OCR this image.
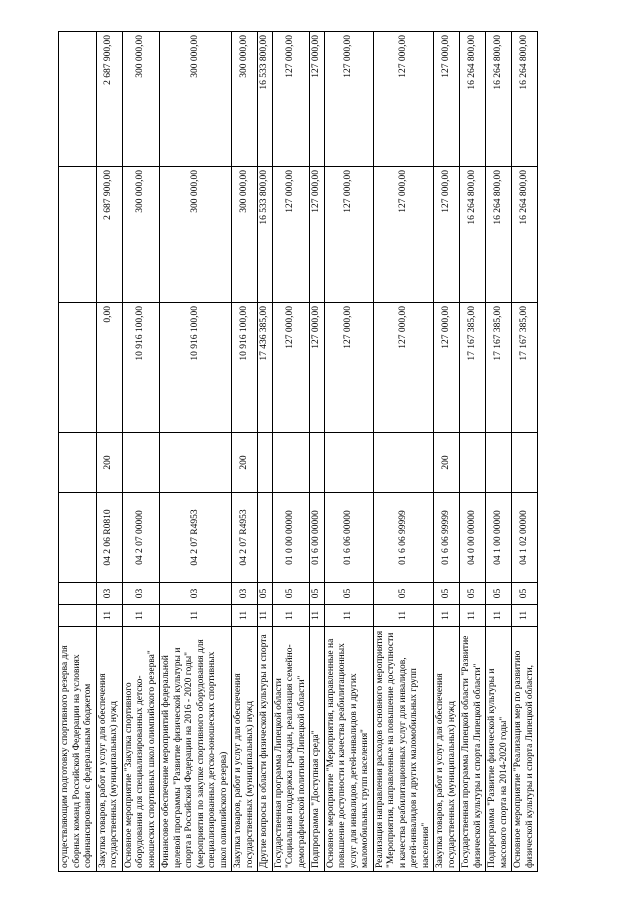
осуществляющим подготовку спортивного резерва для сборных команд Российской Федерации на условиях софинансирования с федеральным бюджетом							
Закупка товаров, работ и услуг для обеспечения государственных (муниципальных) нужд	11	03	04 2 06 R0810	200	0,00	2 687 900,00	2 687 900,00
Основное мероприятие "Закупка спортивного оборудования для специализированных детско-юношеских спортивных школ олимпийского резерва"	11	03	04 2 07 00000		10 916 100,00	300 000,00	300 000,00
Финансовое обеспечение мероприятий федеральной целевой программы "Развитие физической культуры и спорта в Российской Федерации на 2016 - 2020 годы" (мероприятия по закупке спортивного оборудования для специализированных детско-юношеских спортивных школ олимпийского резерва)	11	03	04 2 07 R4953		10 916 100,00	300 000,00	300 000,00
Закупка товаров, работ и услуг для обеспечения государственных (муниципальных) нужд	11	03	04 2 07 R4953	200	10 916 100,00	300 000,00	300 000,00
Другие вопросы в области физической культуры и спорта	11	05			17 436 385,00	16 533 800,00	16 533 800,00
Государственная программа Липецкой области "Социальная поддержка граждан, реализация семейно-демографической политики Липецкой области"	11	05	01 0 00 00000		127 000,00	127 000,00	127 000,00
Подпрограмма "Доступная среда"	11	05	01 6 00 00000		127 000,00	127 000,00	127 000,00
Основное мероприятие "Мероприятия, направленные на повышение доступности и качества реабилитационных услуг для инвалидов, детей-инвалидов и других маломобильных групп населения"	11	05	01 6 06 00000		127 000,00	127 000,00	127 000,00
Реализация направления расходов основного мероприятия "Мероприятия, направленные на повышение доступности и качества реабилитационных услуг для инвалидов, детей-инвалидов и других маломобильных групп населения"	11	05	01 6 06 99999		127 000,00	127 000,00	127 000,00
Закупка товаров, работ и услуг для обеспечения государственных (муниципальных) нужд	11	05	01 6 06 99999	200	127 000,00	127 000,00	127 000,00
Государственная программа Липецкой области "Развитие физической культуры и спорта Липецкой области"	11	05	04 0 00 00000		17 167 385,00	16 264 800,00	16 264 800,00
Подпрограмма "Развитие физической культуры и массового спорта на 2014-2020 годы"	11	05	04 1 00 00000		17 167 385,00	16 264 800,00	16 264 800,00
Основное мероприятие "Реализация мер по развитию физической культуры и спорта Липецкой области,	11	05	04 1 02 00000		17 167 385,00	16 264 800,00	16 264 800,00
